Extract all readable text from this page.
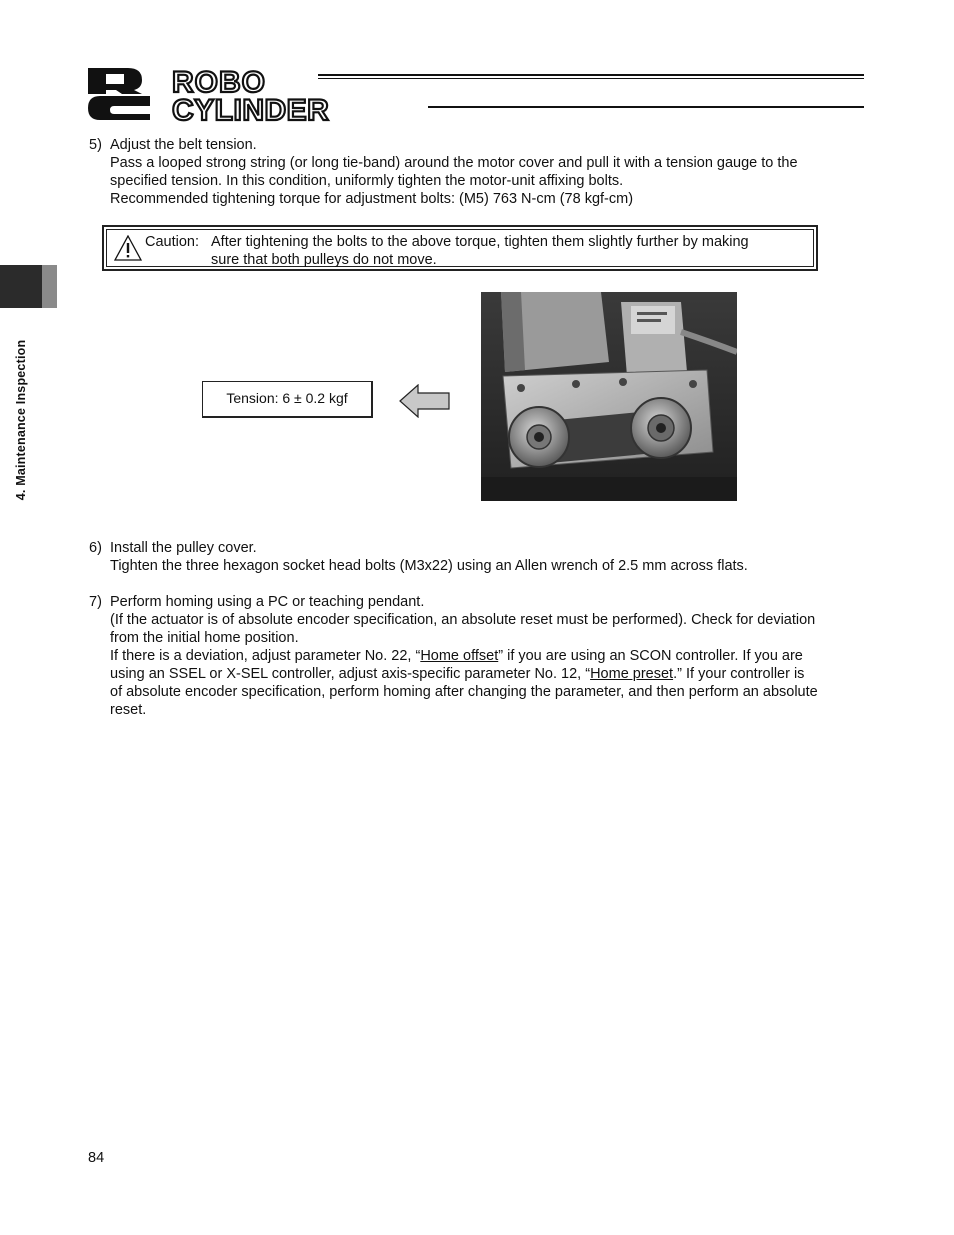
ROBO
CYLINDER
4. Maintenance Inspection
5) Adjust the belt tension.
Pass a looped strong string (or long tie-band) around the motor cover and pull it with a tension gauge to the
specified tension. In this condition, uniformly tighten the motor-unit affixing bolts.
Recommended tightening torque for adjustment bolts: (M5) 763 N-cm (78 kgf-cm)
Caution: After tightening the bolts to the above torque, tighten them slightly further by making
sure that both pulleys do not move.
Tension: 6 ± 0.2 kgf
6) Install the pulley cover.
Tighten the three hexagon socket head bolts (M3x22) using an Allen wrench of 2.5 mm across flats.
7) Perform homing using a PC or teaching pendant.
(If the actuator is of absolute encoder specification, an absolute reset must be performed). Check for deviation
from the initial home position.
If there is a deviation, adjust parameter No. 22, “Home offset” if you are using an SCON controller. If you are
using an SSEL or X-SEL controller, adjust axis-specific parameter No. 12, “Home preset.” If your controller is
of absolute encoder specification, perform homing after changing the parameter, and then perform an absolute
reset.
84
